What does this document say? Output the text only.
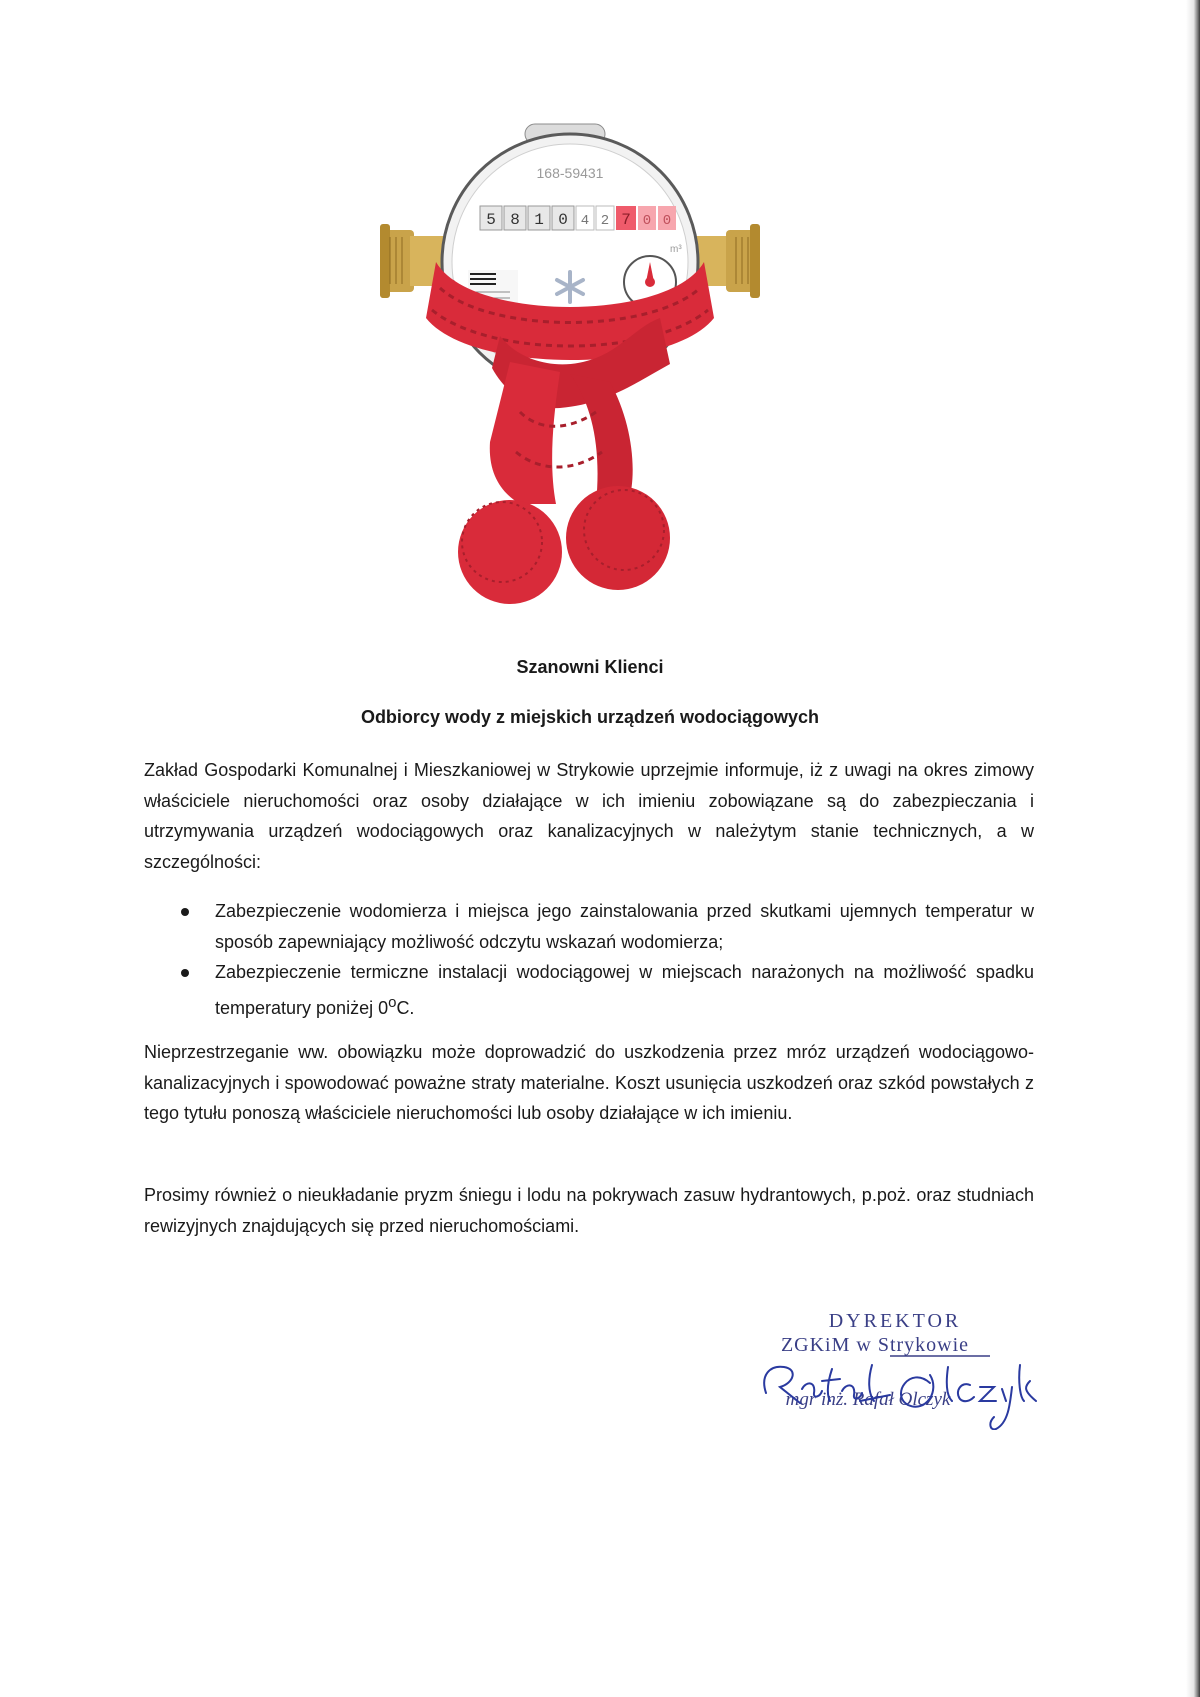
168-59431
5 8 1 0 4 2 7 0 0
m³
Szanowni Klienci
Odbiorcy wody z miejskich urządzeń wodociągowych

Zakład Gospodarki Komunalnej i Mieszkaniowej w Strykowie uprzejmie informuje, iż z uwagi na okres zimowy właściciele nieruchomości oraz osoby działające w ich imieniu zobowiązane są do zabezpieczania i utrzymywania urządzeń wodociągowych oraz kanalizacyjnych w należytym stanie technicznych, a w szczególności:

Zabezpieczenie wodomierza i miejsca jego zainstalowania przed skutkami ujemnych temperatur w sposób zapewniający możliwość odczytu wskazań wodomierza;
Zabezpieczenie termiczne instalacji wodociągowej w miejscach narażonych na możliwość spadku temperatury poniżej 0$^o$C.

Nieprzestrzeganie ww. obowiązku może doprowadzić do uszkodzenia przez mróz urządzeń wodociągowo-kanalizacyjnych i spowodować poważne straty materialne. Koszt usunięcia uszkodzeń oraz szkód powstałych z tego tytułu ponoszą właściciele nieruchomości lub osoby działające w ich imieniu.

Prosimy również o nieukładanie pryzm śniegu i lodu na pokrywach zasuw hydrantowych, p.poż. oraz studniach rewizyjnych znajdujących się przed nieruchomościami.

DYREKTOR
ZGKiM w Strykowie
mgr inż. Rafał Olczyk
